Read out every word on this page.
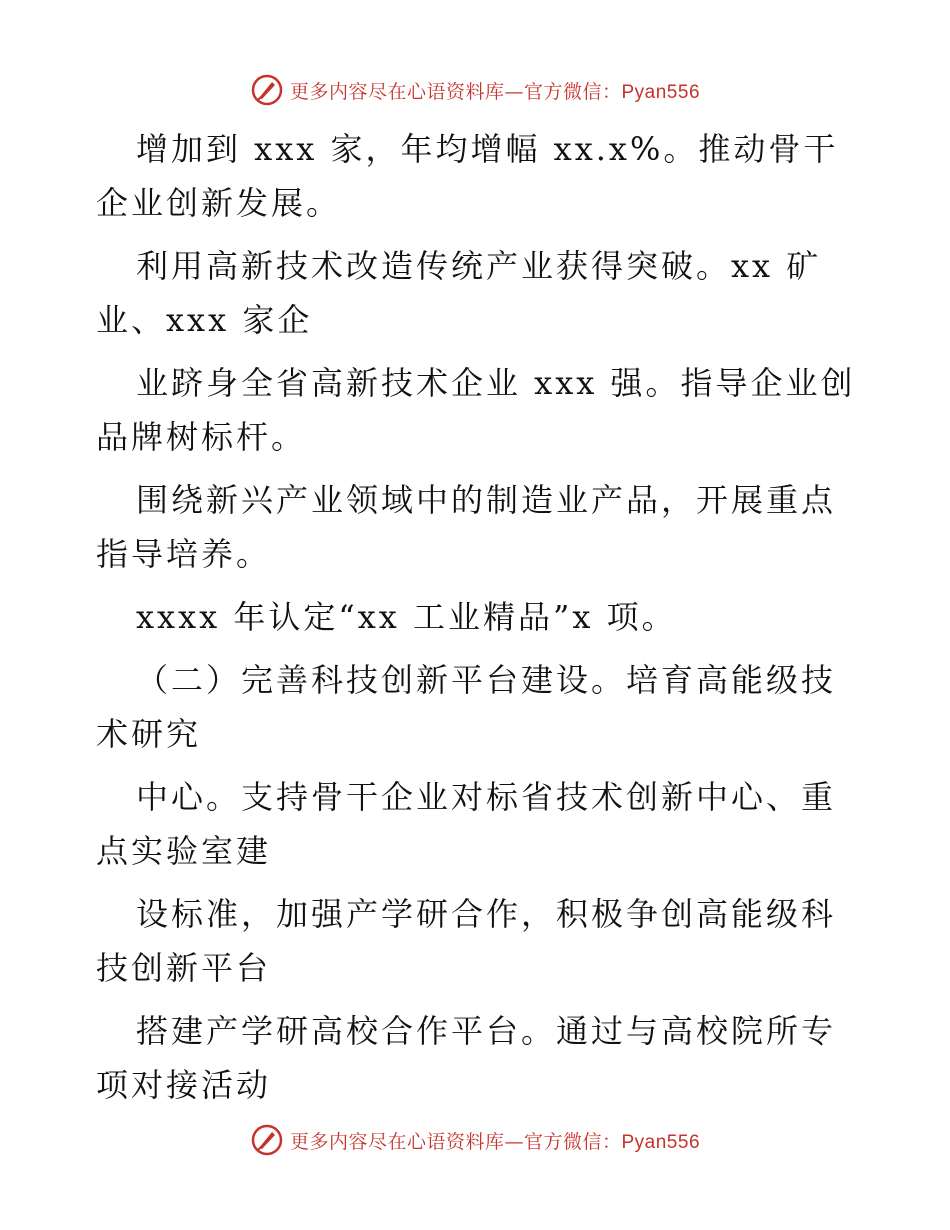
更多内容尽在心语资料库—官方微信：Pyan556

增加到 xxx 家，年均增幅 xx.x%。推动骨干企业创新发展。

利用高新技术改造传统产业获得突破。xx 矿业、xxx 家企

业跻身全省高新技术企业 xxx 强。指导企业创品牌树标杆。

围绕新兴产业领域中的制造业产品，开展重点指导培养。

xxxx 年认定“xx 工业精品”x 项。

（二）完善科技创新平台建设。培育高能级技术研究

中心。支持骨干企业对标省技术创新中心、重点实验室建

设标准，加强产学研合作，积极争创高能级科技创新平台

搭建产学研高校合作平台。通过与高校院所专项对接活动

更多内容尽在心语资料库—官方微信：Pyan556
